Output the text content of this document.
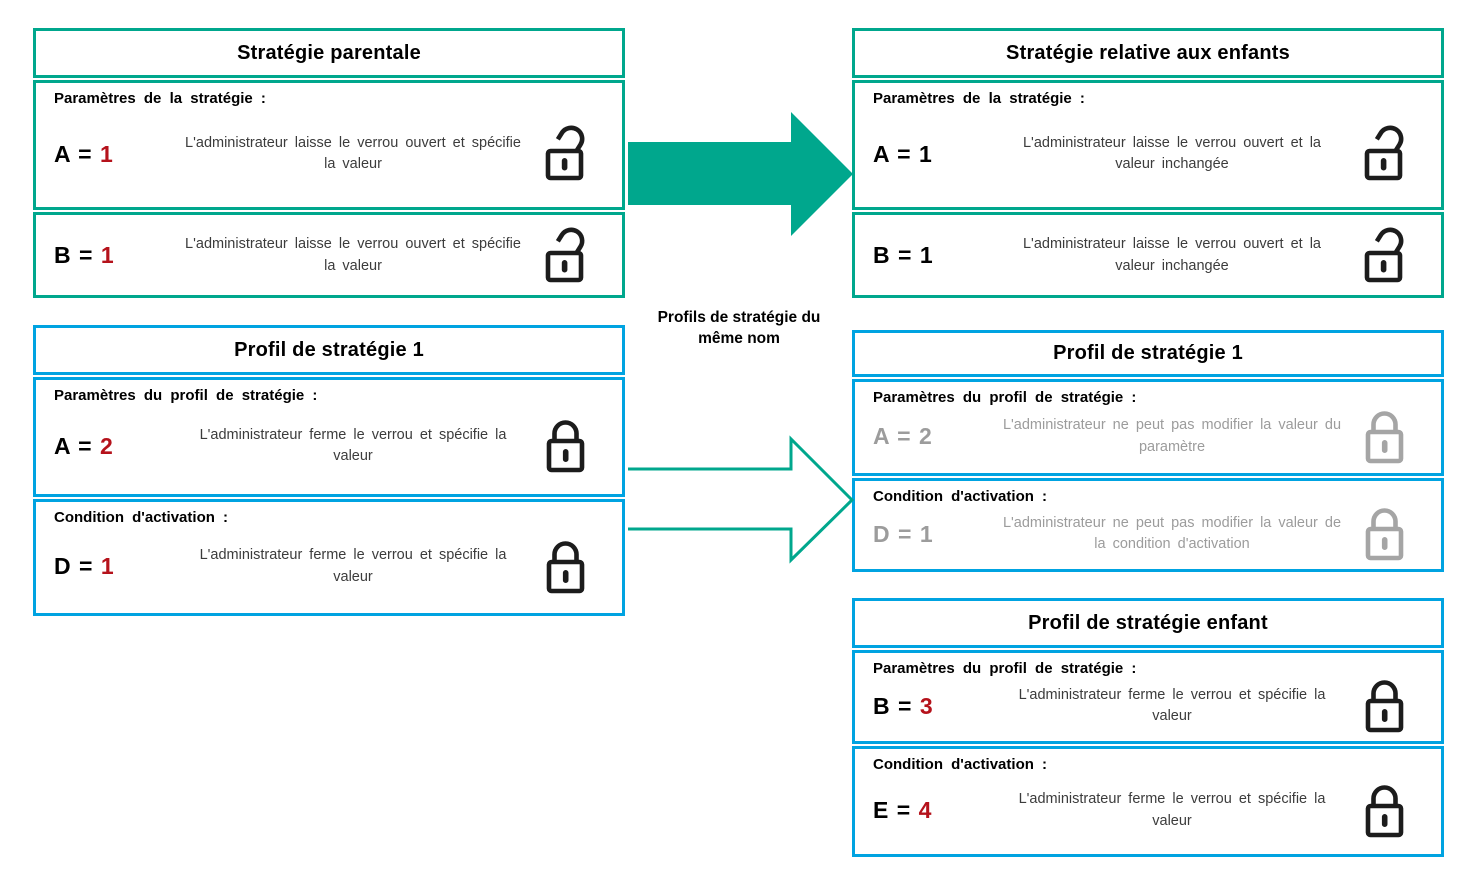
Stratégie parentale
Paramètres de la stratégie :
A = 1	L'administrateur laisse le verrou ouvert et spécifie la valeur
B = 1	L'administrateur laisse le verrou ouvert et spécifie la valeur
Stratégie relative aux enfants
Paramètres de la stratégie :
A = 1	L'administrateur laisse le verrou ouvert et la valeur inchangée
B = 1	L'administrateur laisse le verrou ouvert et la valeur inchangée
Profil de stratégie 1
Paramètres du profil de stratégie :
A = 2	L'administrateur ferme le verrou et spécifie la valeur
Condition d'activation :
D = 1	L'administrateur ferme le verrou et spécifie la valeur
Profil de stratégie 1
Paramètres du profil de stratégie :
A = 2	L'administrateur ne peut pas modifier la valeur du paramètre
Condition d'activation :
D = 1	L'administrateur ne peut pas modifier la valeur de la condition d'activation
Profil de stratégie enfant
Paramètres du profil de stratégie :
B = 3	L'administrateur ferme le verrou et spécifie la valeur
Condition d'activation :
E = 4	L'administrateur ferme le verrou et spécifie la valeur
Profils de stratégie du
même nom
